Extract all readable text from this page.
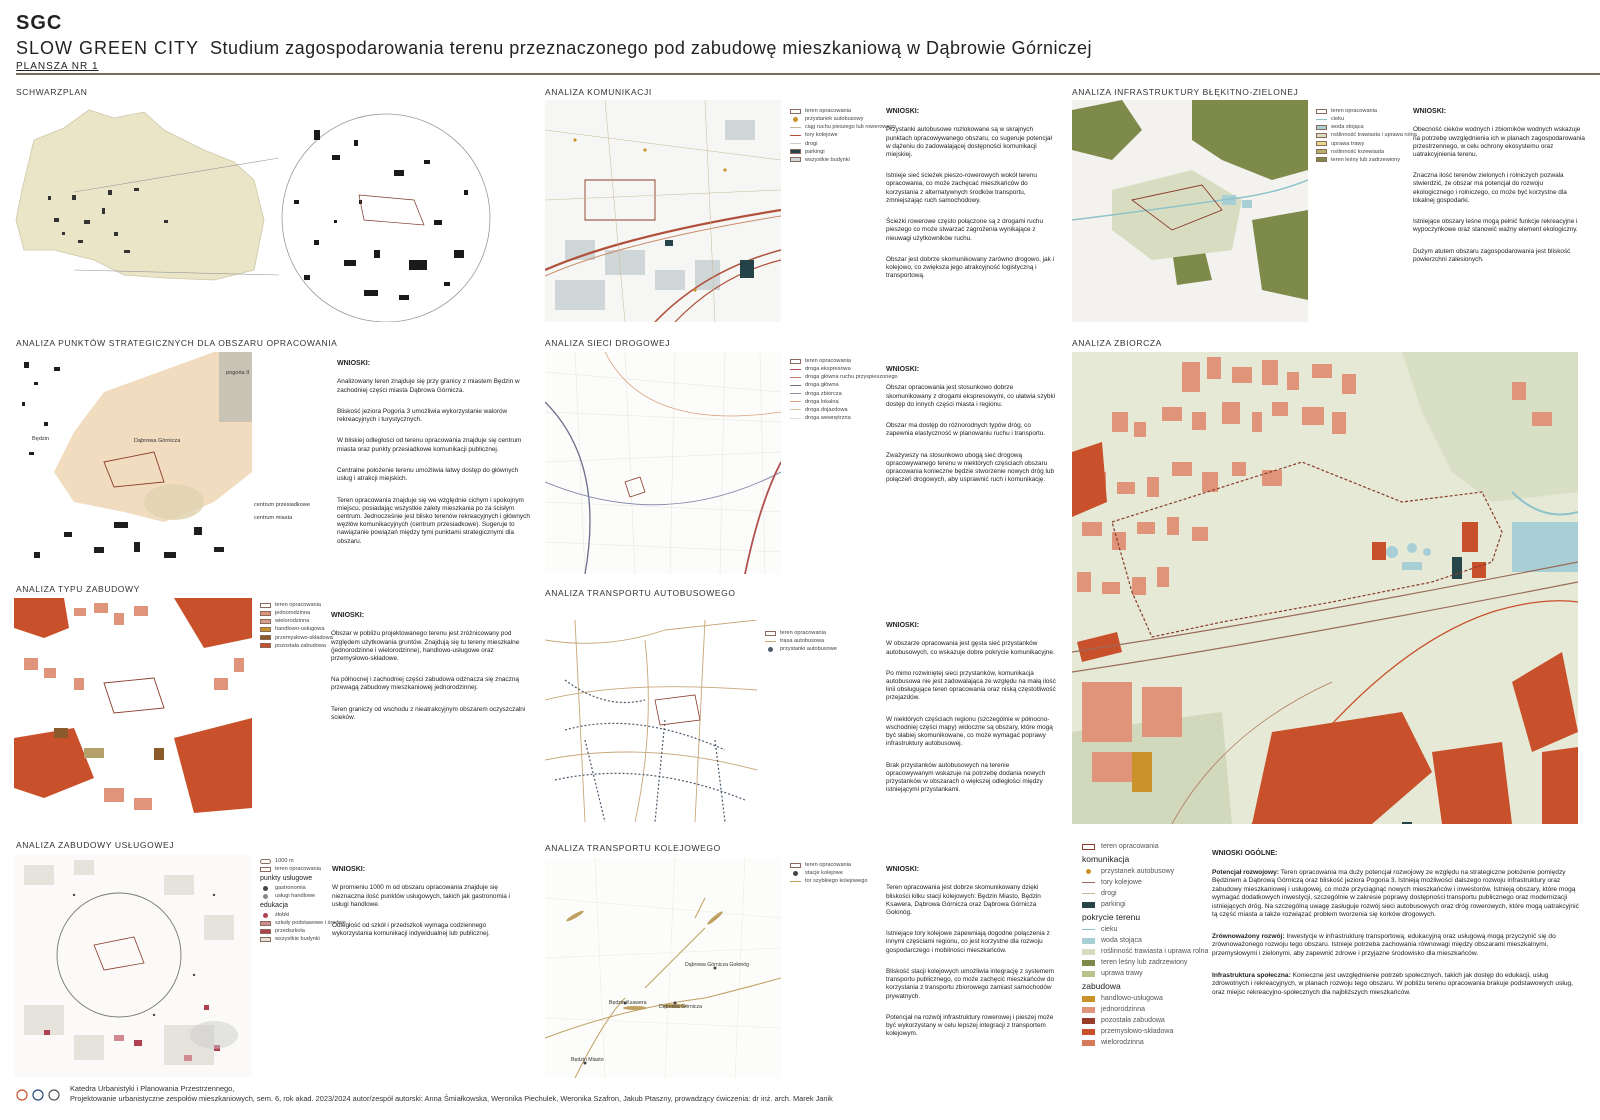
SGC
SLOW GREEN CITY Studium zagospodarowania terenu przeznaczonego pod zabudowę mieszkaniową w Dąbrowie Górniczej
PLANSZA NR 1
SCHWARZPLAN	ANALIZA KOMUNIKACJI
teren opracowania
przystanek autobusowy
ciąg ruchu pieszego lub rowerowego
tory kolejowe
drogi
parkingi
wszystkie budynki

WNIOSKI:

Przystanki autobusowe rozlokowane są w skrajnych punktach opracowywanego obszaru, co sugeruje potencjał w dążeniu do zadowalającej dostępności komunikacji miejskiej.

Istnieje sieć ścieżek pieszo-rowerowych wokół terenu opracowania, co może zachęcać mieszkańców do korzystania z alternatywnych środków transportu, zmniejszając ruch samochodowy.

Ścieżki rowerowe często połączone są z drogami ruchu pieszego co może stwarzać zagrożenia wynikające z nieuwagi użytkowników ruchu.

Obszar jest dobrze skomunikowany zarówno drogowo, jak i kolejowo, co zwiększa jego atrakcyjność logistyczną i transportową.

ANALIZA INFRASTRUKTURY BŁĘKITNO-ZIELONEJ
teren opracowania
cieku
woda stojąca
roślinność trawiasta i uprawa rolna
uprawa trawy
roślinność krzewiasta
teren leśny lub zadrzewiony

WNIOSKI:

Obecność cieków wodnych i zbiorników wodnych wskazuje na potrzebę uwzględnienia ich w planach zagospodarowania przestrzennego, w celu ochrony ekosystemu oraz uatrakcyjnienia terenu.

Znaczna ilość terenów zielonych i rolniczych pozwala stwierdzić, że obszar ma potencjał do rozwoju ekologicznego i rolniczego, co może być korzystne dla lokalnej gospodarki.

Istniejące obszary leśne mogą pełnić funkcje rekreacyjne i wypoczynkowe oraz stanowić ważny element ekologiczny.

Dużym atutem obszaru zagospodarowania jest bliskość powierzchni zalesionych.

ANALIZA PUNKTÓW STRATEGICZNYCH DLA OBSZARU OPRACOWANIA
pogoria II
Będzin	Dąbrowa Górnicza
centrum przesiadkowe
centrum miasta

WNIOSKI:

Analizowany teren znajduje się przy granicy z miastem Będzin w zachodniej części miasta Dąbrowa Górnicza.

Bliskość jeziora Pogoria 3 umożliwia wykorzystanie walorów rekreacyjnych i turystycznych.

W bliskiej odległości od terenu opracowania znajduje się centrum miasta oraz punkty przesiadkowe komunikacji publicznej.

Centralne położenie terenu umożliwia łatwy dostęp do głównych usług i atrakcji miejskich.

Teren opracowania znajduje się we względnie cichym i spokojnym miejscu, posiadając wszystkie zalety mieszkania po za ścisłym centrum. Jednocześnie jest blisko terenów rekreacyjnych i głównych węzłów komunikacyjnych (centrum przesiadkowe). Sugeruje to nawiązanie powiązań między tymi punktami strategicznymi dla obszaru.

ANALIZA SIECI DROGOWEJ
teren opracowania
droga ekspresowa
droga główna ruchu przyspieszonego
droga główna
droga zbiorcza
droga lokalna
droga dojazdowa
droga wewnętrzna

WNIOSKI:

Obszar opracowania jest stosunkowo dobrze skomunikowany z drogami ekspresowymi, co ułatwia szybki dostęp do innych części miasta i regionu.

Obszar ma dostęp do różnorodnych typów dróg, co zapewnia elastyczność w planowaniu ruchu i transportu.

Zważywszy na stosunkowo ubogą sieć drogową opracowywanego terenu w niektórych częściach obszaru opracowania konieczne będzie stworzenie nowych dróg lub połączeń drogowych, aby usprawnić ruch i komunikację.

ANALIZA ZBIORCZA
ANALIZA TYPU ZABUDOWY
teren opracowania
jednorodzinna
wielorodzinna
handlowo-usługowa
przemysłowo-składowa
pozostała zabudowa

WNIOSKI:

Obszar w pobliżu projektowanego terenu jest zróżnicowany pod względem użytkowania gruntów. Znajdują się tu tereny mieszkalne (jednorodzinne i wielorodzinne), handlowo-usługowe oraz przemysłowo-składowe.

Na północnej i zachodniej części zabudowa odznacza się znaczną przewagą zabudowy mieszkaniowej jednorodzinnej.

Teren graniczy od wschodu z nieatrakcyjnym obszarem oczyszczalni ścieków.

ANALIZA TRANSPORTU AUTOBUSOWEGO
teren opracowania
trasa autobusowa
przystanki autobusowe

WNIOSKI:

W obszarze opracowania jest gęsta sieć przystanków autobusowych, co wskazuje dobre pokrycie komunikacyjne.

Po mimo rozwiniętej sieci przystanków, komunikacja autobusowa nie jest zadowalająca ze względu na małą ilość linii obsługujące teren opracowania oraz niską częstotliwość przejazdów.

W niektórych częściach regionu (szczególnie w północno-wschodniej części mapy) widoczne są obszary, które mogą być słabiej skomunikowane, co może wymagać poprawy infrastruktury autobusowej.

Brak przystanków autobusowych na terenie opracowywanym wskazuje na potrzebę dodania nowych przystanków w obszarach o większej odległości między istniejącymi przystankami.

ANALIZA ZABUDOWY USŁUGOWEJ
1000 m
teren opracowania
punkty usługowe
gastronomia
usługi handlowe
edukacja
żłobki
szkoły podstawowe i średnie
przedszkola
wszystkie budynki

WNIOSKI:

W promieniu 1000 m od obszaru opracowania znajduje się nieznaczna ilość punktów usługowych, takich jak gastronomia i usługi handlowe.

Odległość od szkół i przedszkoli wymaga codziennego wykorzystania komunikacji indywidualnej lub publicznej.

ANALIZA TRANSPORTU KOLEJOWEGO
Dąbrowa Górnicza Gołonóg
Będzin Ksawera
Dąbrowa Górnicza
Będzin Miasto
teren opracowania
stacje kolejowe
tor szybkiego kolejowego

WNIOSKI:

Teren opracowania jest dobrze skomunikowany dzięki bliskości kilku stacji kolejowych: Będzin Miasto, Będzin Ksawera, Dąbrowa Górnicza oraz Dąbrowa Górnicza Gołonóg.

Istniejące tory kolejowe zapewniają dogodne połączenia z innymi częściami regionu, co jest korzystne dla rozwoju gospodarczego i mobilności mieszkańców.

Bliskość stacji kolejowych umożliwia integrację z systemem transportu publicznego, co może zachęcić mieszkańców do korzystania z transportu zbiorowego zamiast samochodów prywatnych.

Potencjał na rozwój infrastruktury rowerowej i pieszej może być wykorzystany w celu lepszej integracji z transportem kolejowym.

teren opracowania
komunikacja
przystanek autobusowy
tory kolejowe
drogi
parkingi
pokrycie terenu
cieku
woda stojąca
roślinność trawiasta i uprawa rolna
teren leśny lub zadrzewiony
uprawa trawy
zabudowa
handlowo-usługowa
jednorodzinna
pozostała zabudowa
przemysłowo-składowa
wielorodzinna

WNIOSKI OGÓLNE:

Potencjał rozwojowy: Teren opracowania ma duży potencjał rozwojowy ze względu na strategiczne położenie pomiędzy Będzinem a Dąbrową Górniczą oraz bliskość jeziora Pogoria 3. Istnieją możliwości dalszego rozwoju infrastruktury oraz zabudowy mieszkaniowej i usługowej, co może przyciągnąć nowych mieszkańców i inwestorów. Istnieją obszary, które mogą wymagać dodatkowych inwestycji, szczególnie w zakresie poprawy dostępności transportu publicznego oraz modernizacji istniejących dróg. Na szczególną uwagę zasługuje rozwój sieci autobusowych oraz dróg rowerowych, które mogą uatrakcyjnić tą część miasta a także rozwiązać problem tworzenia się korków drogowych.

Zrównoważony rozwój: Inwestycje w infrastrukturę transportową, edukacyjną oraz usługową mogą przyczynić się do zrównoważonego rozwoju tego obszaru. Istnieje potrzeba zachowania równowagi między obszarami mieszkalnymi, przemysłowymi i zielonymi, aby zapewnić zdrowe i przyjazne środowisko dla mieszkańców.

Infrastruktura społeczna: Konieczne jest uwzględnienie potrzeb społecznych, takich jak dostęp do edukacji, usług zdrowotnych i rekreacyjnych, w planach rozwoju tego obszaru. W pobliżu terenu opracowania brakuje podstawowych usług, oraz miejsc rekreacyjno-społecznych dla najbliższych mieszkańców.

Katedra Urbanistyki i Planowania Przestrzennego,
Projektowanie urbanistyczne zespołów mieszkaniowych, sem. 6, rok akad. 2023/2024 autor/zespół autorski: Anna Śmiałkowska, Weronika Piechulek, Weronika Szafron, Jakub Ptaszny, prowadzący ćwiczenia: dr inż. arch. Marek Janik
